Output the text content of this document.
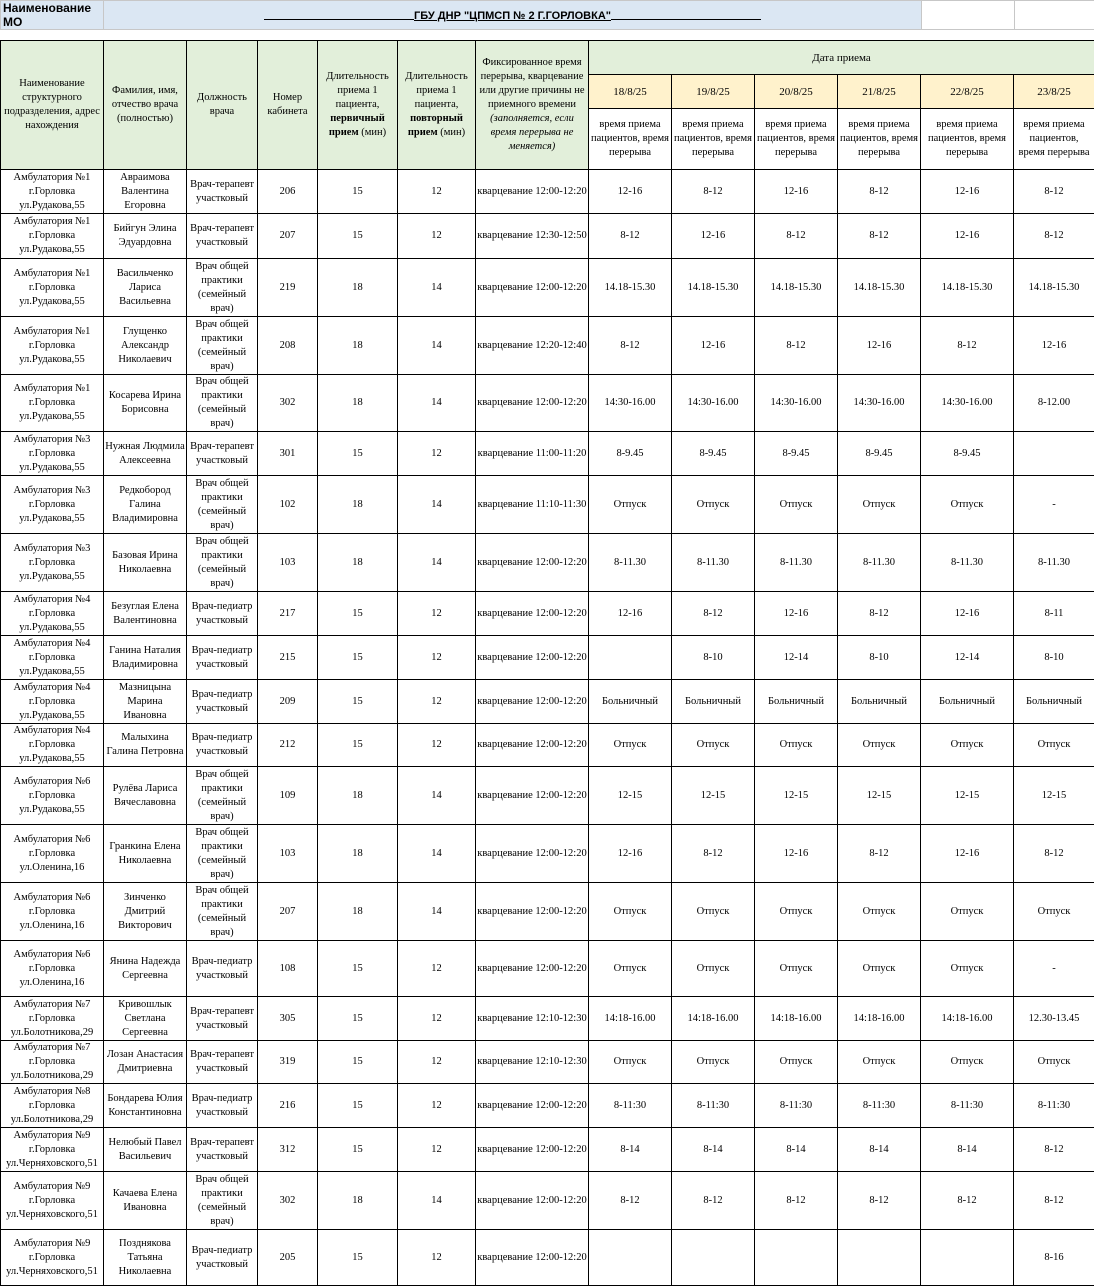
Наименование МО	ГБУ ДНР "ЦПМСП № 2 Г.ГОРЛОВКА"		
Наименование структурного подразделения, адрес нахождения	Фамилия, имя, отчество врача (полностью)	Должность врача	Номер кабинета	Длительность приема 1 пациента, первичный прием (мин)	Длительность приема 1 пациента, повторный прием (мин)	Фиксированное время перерыва, кварцевание или другие причины не приемного времени (заполняется, если время перерыва не меняется)	Дата приема					
							18/8/25	19/8/25	20/8/25	21/8/25	22/8/25	23/8/25
							время приема пациентов, время перерыва	время приема пациентов, время перерыва	время приема пациентов, время перерыва	время приема пациентов, время перерыва	время приема пациентов, время перерыва	время приема пациентов, время перерыва
Амбулатория №1 г.Горловка ул.Рудакова,55	Авраимова Валентина Егоровна	Врач-терапевт участковый	206	15	12	кварцевание 12:00-12:20	12-16	8-12	12-16	8-12	12-16	8-12
Амбулатория №1 г.Горловка ул.Рудакова,55	Бийгун Элина Эдуардовна	Врач-терапевт участковый	207	15	12	кварцевание 12:30-12:50	8-12	12-16	8-12	8-12	12-16	8-12
Амбулатория №1 г.Горловка ул.Рудакова,55	Васильченко Лариса Васильевна	Врач общей практики (семейный врач)	219	18	14	кварцевание 12:00-12:20	14.18-15.30	14.18-15.30	14.18-15.30	14.18-15.30	14.18-15.30	14.18-15.30
Амбулатория №1 г.Горловка ул.Рудакова,55	Глущенко Александр Николаевич	Врач общей практики (семейный врач)	208	18	14	кварцевание 12:20-12:40	8-12	12-16	8-12	12-16	8-12	12-16
Амбулатория №1 г.Горловка ул.Рудакова,55	Косарева Ирина Борисовна	Врач общей практики (семейный врач)	302	18	14	кварцевание 12:00-12:20	14:30-16.00	14:30-16.00	14:30-16.00	14:30-16.00	14:30-16.00	8-12.00
Амбулатория №3 г.Горловка ул.Рудакова,55	Нужная Людмила Алексеевна	Врач-терапевт участковый	301	15	12	кварцевание 11:00-11:20	8-9.45	8-9.45	8-9.45	8-9.45	8-9.45	
Амбулатория №3 г.Горловка ул.Рудакова,55	Редкобород Галина Владимировна	Врач общей практики (семейный врач)	102	18	14	кварцевание 11:10-11:30	Отпуск	Отпуск	Отпуск	Отпуск	Отпуск	-
Амбулатория №3 г.Горловка ул.Рудакова,55	Базовая Ирина Николаевна	Врач общей практики (семейный врач)	103	18	14	кварцевание 12:00-12:20	8-11.30	8-11.30	8-11.30	8-11.30	8-11.30	8-11.30
Амбулатория №4 г.Горловка ул.Рудакова,55	Безуглая Елена Валентиновна	Врач-педиатр участковый	217	15	12	кварцевание 12:00-12:20	12-16	8-12	12-16	8-12	12-16	8-11
Амбулатория №4 г.Горловка ул.Рудакова,55	Ганина Наталия Владимировна	Врач-педиатр участковый	215	15	12	кварцевание 12:00-12:20		8-10	12-14	8-10	12-14	8-10
Амбулатория №4 г.Горловка ул.Рудакова,55	Мазницына Марина Ивановна	Врач-педиатр участковый	209	15	12	кварцевание 12:00-12:20	Больничный	Больничный	Больничный	Больничный	Больничный	Больничный
Амбулатория №4 г.Горловка ул.Рудакова,55	Малыхина Галина Петровна	Врач-педиатр участковый	212	15	12	кварцевание 12:00-12:20	Отпуск	Отпуск	Отпуск	Отпуск	Отпуск	Отпуск
Амбулатория №6 г.Горловка ул.Рудакова,55	Рулёва Лариса Вячеславовна	Врач общей практики (семейный врач)	109	18	14	кварцевание 12:00-12:20	12-15	12-15	12-15	12-15	12-15	12-15
Амбулатория №6 г.Горловка ул.Оленина,16	Гранкина Елена Николаевна	Врач общей практики (семейный врач)	103	18	14	кварцевание 12:00-12:20	12-16	8-12	12-16	8-12	12-16	8-12
Амбулатория №6 г.Горловка ул.Оленина,16	Зинченко Дмитрий Викторович	Врач общей практики (семейный врач)	207	18	14	кварцевание 12:00-12:20	Отпуск	Отпуск	Отпуск	Отпуск	Отпуск	Отпуск
Амбулатория №6 г.Горловка ул.Оленина,16	Янина Надежда Сергеевна	Врач-педиатр участковый	108	15	12	кварцевание 12:00-12:20	Отпуск	Отпуск	Отпуск	Отпуск	Отпуск	-
Амбулатория №7 г.Горловка ул.Болотникова,29	Кривошлык Светлана Сергеевна	Врач-терапевт участковый	305	15	12	кварцевание 12:10-12:30	14:18-16.00	14:18-16.00	14:18-16.00	14:18-16.00	14:18-16.00	12.30-13.45
Амбулатория №7 г.Горловка ул.Болотникова,29	Лозан Анастасия Дмитриевна	Врач-терапевт участковый	319	15	12	кварцевание 12:10-12:30	Отпуск	Отпуск	Отпуск	Отпуск	Отпуск	Отпуск
Амбулатория №8 г.Горловка ул.Болотникова,29	Бондарева Юлия Константиновна	Врач-педиатр участковый	216	15	12	кварцевание 12:00-12:20	8-11:30	8-11:30	8-11:30	8-11:30	8-11:30	8-11:30
Амбулатория №9 г.Горловка ул.Черняховского,51	Нелюбый Павел Васильевич	Врач-терапевт участковый	312	15	12	кварцевание 12:00-12:20	8-14	8-14	8-14	8-14	8-14	8-12
Амбулатория №9 г.Горловка ул.Черняховского,51	Качаева Елена Ивановна	Врач общей практики (семейный врач)	302	18	14	кварцевание 12:00-12:20	8-12	8-12	8-12	8-12	8-12	8-12
Амбулатория №9 г.Горловка ул.Черняховского,51	Позднякова Татьяна Николаевна	Врач-педиатр участковый	205	15	12	кварцевание 12:00-12:20						8-16
